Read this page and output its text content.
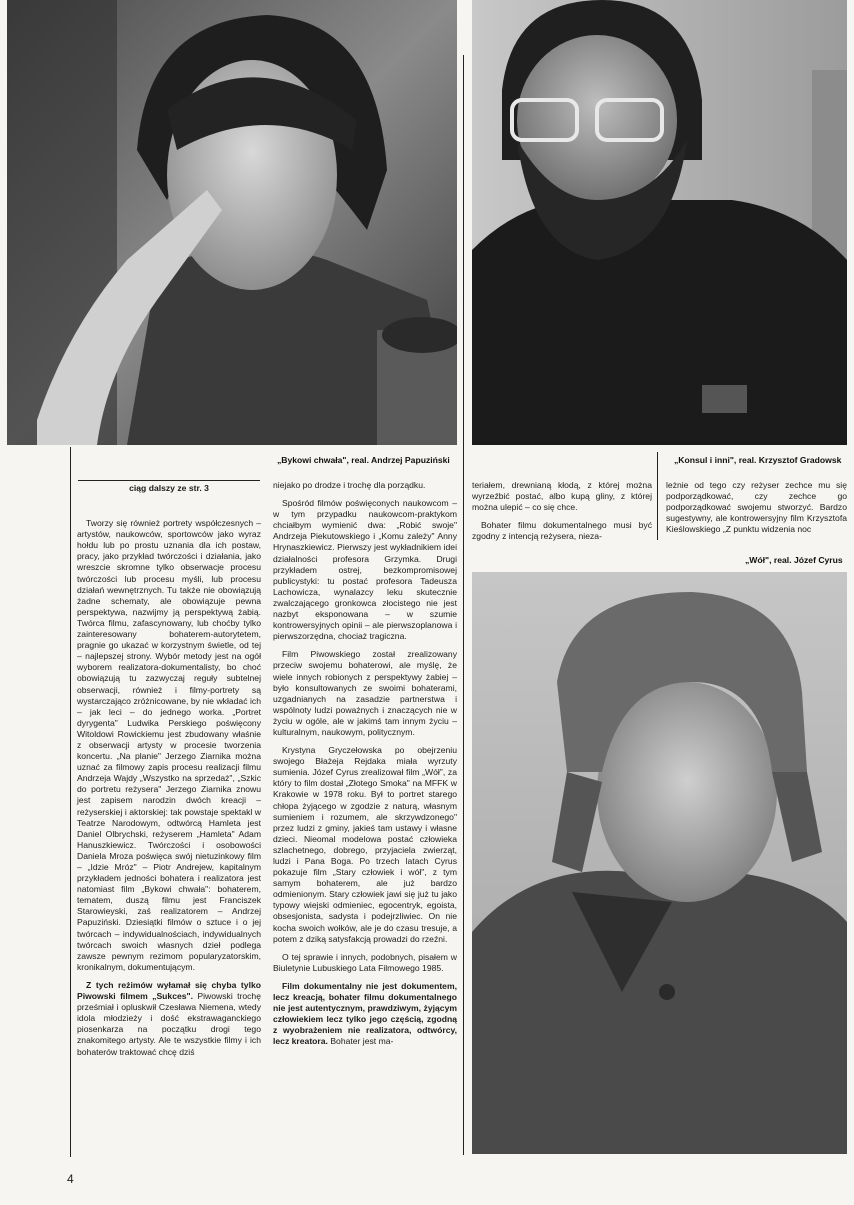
„Bykowi chwała", real. Andrzej Papuziński	„Konsul i inni", real. Krzysztof Gradowsk
„Wół", real. Józef Cyrus
ciąg dalszy ze str. 3

Tworzy się również portrety współczesnych – artystów, naukowców, sportowców jako wyraz hołdu lub po prostu uznania dla ich postaw, pracy, jako przykład twórczości i działania, jako wreszcie skromne tylko obserwacje procesu twórczości lub procesu myśli, lub procesu działań wewnętrznych. Tu także nie obowiązują żadne schematy, ale obowiązuje pewna perspektywa, nazwijmy ją perspektywą żabią. Twórca filmu, zafascynowany, lub choćby tylko zainteresowany bohaterem-autorytetem, pragnie go ukazać w korzystnym świetle, od tej – najlepszej strony. Wybór metody jest na ogół wyborem realizatora-dokumentalisty, bo choć obowiązują tu zazwyczaj reguły subtelnej obserwacji, również i filmy-portrety są wystarczająco zróżnicowane, by nie wkładać ich – jak leci – do jednego worka. „Portret dyrygenta" Ludwika Perskiego poświęcony Witoldowi Rowickiemu jest zbudowany właśnie z obserwacji artysty w procesie tworzenia koncertu. „Na planie" Jerzego Ziarnika można uznać za filmowy zapis procesu realizacji filmu Andrzeja Wajdy „Wszystko na sprzedaż", „Szkic do portretu reżysera" Jerzego Ziarnika znowu jest zapisem narodzin dwóch kreacji – reżyserskiej i aktorskiej: tak powstaje spektakl w Teatrze Narodowym, odtwórcą Hamleta jest Daniel Olbrychski, reżyserem „Hamleta" Adam Hanuszkiewicz. Twórczości i osobowości Daniela Mroza poświęca swój nietuzinkowy film – „Idzie Mróz" – Piotr Andrejew, kapitalnym przykładem jedności bohatera i realizatora jest natomiast film „Bykowi chwała": bohaterem, tematem, duszą filmu jest Franciszek Starowieyski, zaś realizatorem – Andrzej Papuziński. Dziesiątki filmów o sztuce i o jej twórcach – indywidualnościach, indywidualnych twórcach swoich własnych dzieł podlega zawsze pewnym rezimom popularyzatorskim, kronikalnym, dokumentującym.

Z tych reżimów wyłamał się chyba tylko Piwowski filmem „Sukces". Piwowski trochę prześmiał i opluskwił Czesława Niemena, wtedy idola młodzieży i dość ekstrawaganckiego piosenkarza na początku drogi tego znakomitego artysty. Ale te wszystkie filmy i ich bohaterów traktować chcę dziś

niejako po drodze i trochę dla porządku.

Spośród filmów poświęconych naukowcom – w tym przypadku naukowcom-praktykom chciałbym wymienić dwa: „Robić swoje" Andrzeja Piekutowskiego i „Komu zależy" Anny Hrynaszkiewicz. Pierwszy jest wykładnikiem idei działalności profesora Grzymka. Drugi przykładem ostrej, bezkompromisowej publicystyki: tu postać profesora Tadeusza Lachowicza, wynalazcy leku skutecznie zwalczającego gronkowca złocistego nie jest nazbyt eksponowana – w szumie kontrowersyjnych opinii – ale pierwszoplanowa i pierwszorzędna, chociaż tragiczna.

Film Piwowskiego został zrealizowany przeciw swojemu bohaterowi, ale myślę, że wiele innych robionych z perspektywy żabiej – było konsultowanych ze swoimi bohaterami, uzgadnianych na zasadzie partnerstwa i wspólnoty ludzi poważnych i znaczących nie w życiu w ogóle, ale w jakimś tam innym życiu – kulturalnym, naukowym, politycznym.

Krystyna Gryczełowska po obejrzeniu swojego Błażeja Rejdaka miała wyrzuty sumienia. Józef Cyrus zrealizował film „Wół", za który to film dostał „Złotego Smoka" na MFFK w Krakowie w 1978 roku. Był to portret starego chłopa żyjącego w zgodzie z naturą, własnym sumieniem i rozumem, ale skrzywdzonego" przez ludzi z gminy, jakieś tam ustawy i własne dzieci. Nieomal modelowa postać człowieka szlachetnego, dobrego, przyjaciela zwierząt, ludzi i Pana Boga. Po trzech latach Cyrus pokazuje film „Stary człowiek i wół", z tym samym bohaterem, ale już bardzo odmienionym. Stary człowiek jawi się już tu jako typowy wiejski odmieniec, egocentryk, egoista, obsesjonista, sadysta i podejrzliwiec. On nie kocha swoich wołków, ale je do czasu tresuje, a potem z dziką satysfakcją prowadzi do rzeźni.

O tej sprawie i innych, podobnych, pisałem w Biuletynie Lubuskiego Lata Filmowego 1985.

Film dokumentalny nie jest dokumentem, lecz kreacją, bohater filmu dokumentalnego nie jest autentycznym, prawdziwym, żyjącym człowiekiem lecz tylko jego częścią, zgodną z wyobrażeniem nie realizatora, odtwórcy, lecz kreatora. Bohater jest ma-

teriałem, drewnianą kłodą, z której można wyrzeźbić postać, albo kupą gliny, z której można ulepić – co się chce.

Bohater filmu dokumentalnego musi być zgodny z intencją reżysera, nieza-

leżnie od tego czy reżyser zechce mu się podporządkować, czy zechce go podporządkować swojemu stworzyć. Bardzo sugestywny, ale kontrowersyjny film Krzysztofa Kieślowskiego „Z punktu widzenia noc

4
